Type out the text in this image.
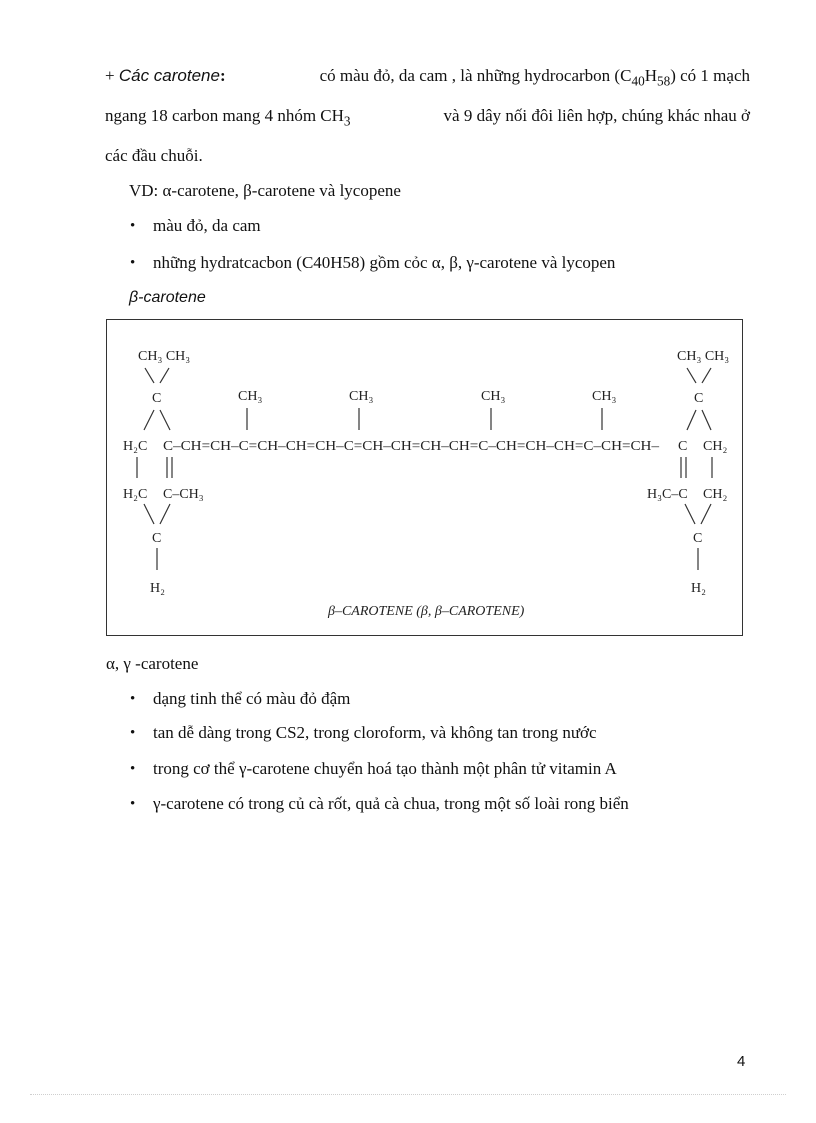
+ Các carotene:	có màu đỏ, da cam , là những hydrocarbon $(C_{40}H_{58})$ có 1 mạch
ngang 18 carbon mang 4 nhóm $CH_3$	và 9 dây nối đôi liên hợp, chúng khác nhau ở
các đầu chuỗi.
VD: α-carotene, β-carotene và lycopene
• màu đỏ, da cam
• những hydratcacbon (C40H58) gồm cỏc α, β, γ-carotene và lycopen
β-carotene
CH₃ CH₃
C
H₂C
H₂C C–CH₃
C
H₂
C–CH=CH–C=CH–CH=CH–C=CH–CH=CH–CH=C–CH=CH–CH=C–CH=CH–
CH₃	CH₃	CH₃	CH₃
CH₃ CH₃
C
C CH₂
H₃C–C CH₂
C
H₂
β–CAROTENE (β, β–CAROTENE)
α, γ -carotene
• dạng tinh thể có màu đỏ đậm
• tan dễ dàng trong CS2, trong cloroform, và không tan trong nước
• trong cơ thể γ-carotene chuyển hoá tạo thành một phân tử vitamin A
• γ-carotene có trong củ cà rốt, quả cà chua, trong một số loài rong biển
4
